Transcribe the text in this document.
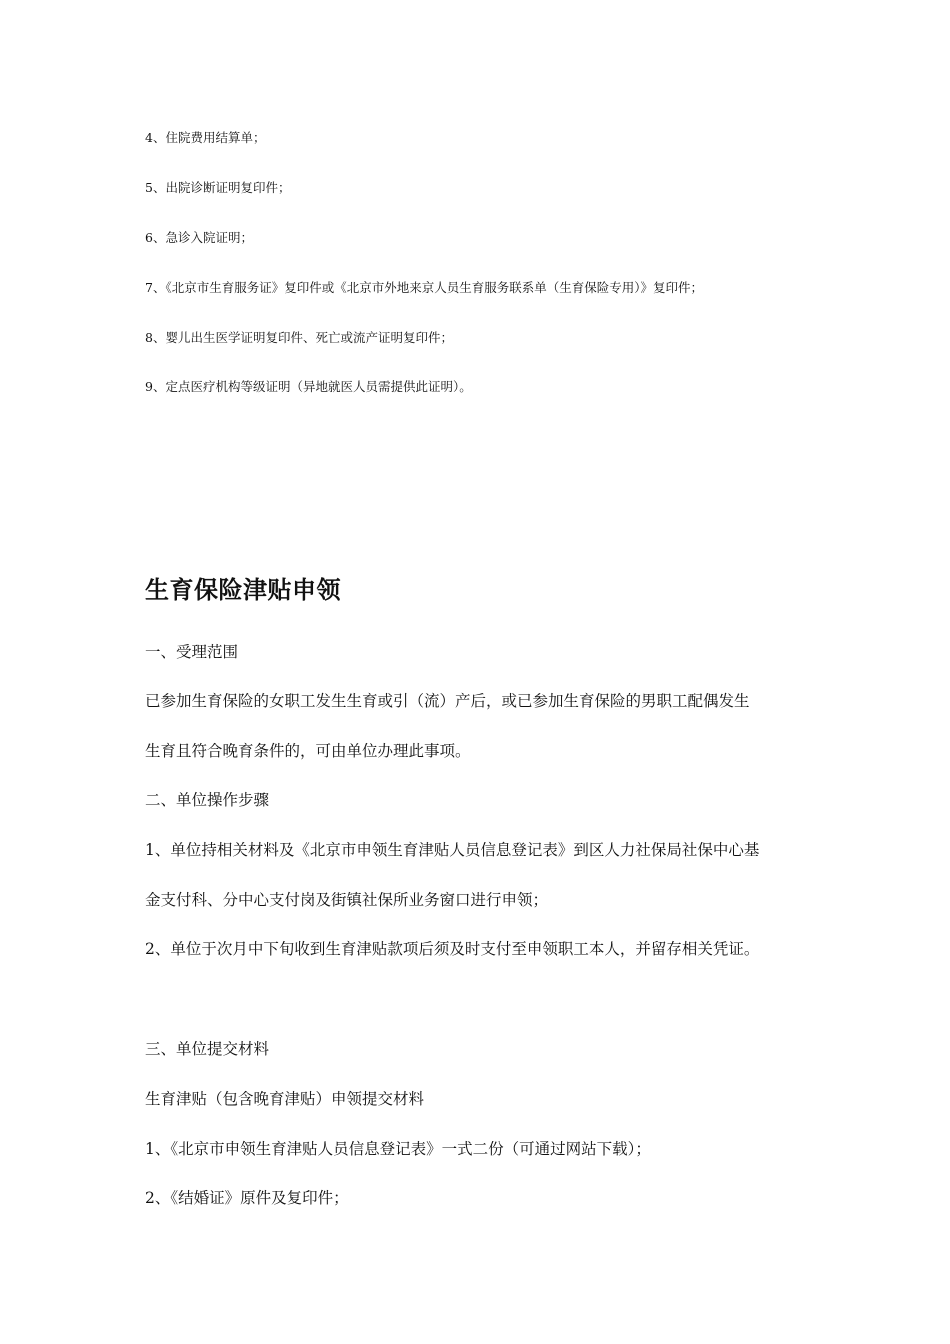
4、住院费用结算单；
5、出院诊断证明复印件；
6、急诊入院证明；
7、《北京市生育服务证》复印件或《北京市外地来京人员生育服务联系单（生育保险专用）》复印件；
8、婴儿出生医学证明复印件、死亡或流产证明复印件；
9、定点医疗机构等级证明（异地就医人员需提供此证明）。
生育保险津贴申领
一、受理范围
已参加生育保险的女职工发生生育或引（流）产后，或已参加生育保险的男职工配偶发生
生育且符合晚育条件的，可由单位办理此事项。
二、单位操作步骤
1、单位持相关材料及《北京市申领生育津贴人员信息登记表》到区人力社保局社保中心基
金支付科、分中心支付岗及街镇社保所业务窗口进行申领；
2、单位于次月中下旬收到生育津贴款项后须及时支付至申领职工本人，并留存相关凭证。
三、单位提交材料
生育津贴（包含晚育津贴）申领提交材料
1、《北京市申领生育津贴人员信息登记表》一式二份（可通过网站下载）；
2、《结婚证》原件及复印件；
